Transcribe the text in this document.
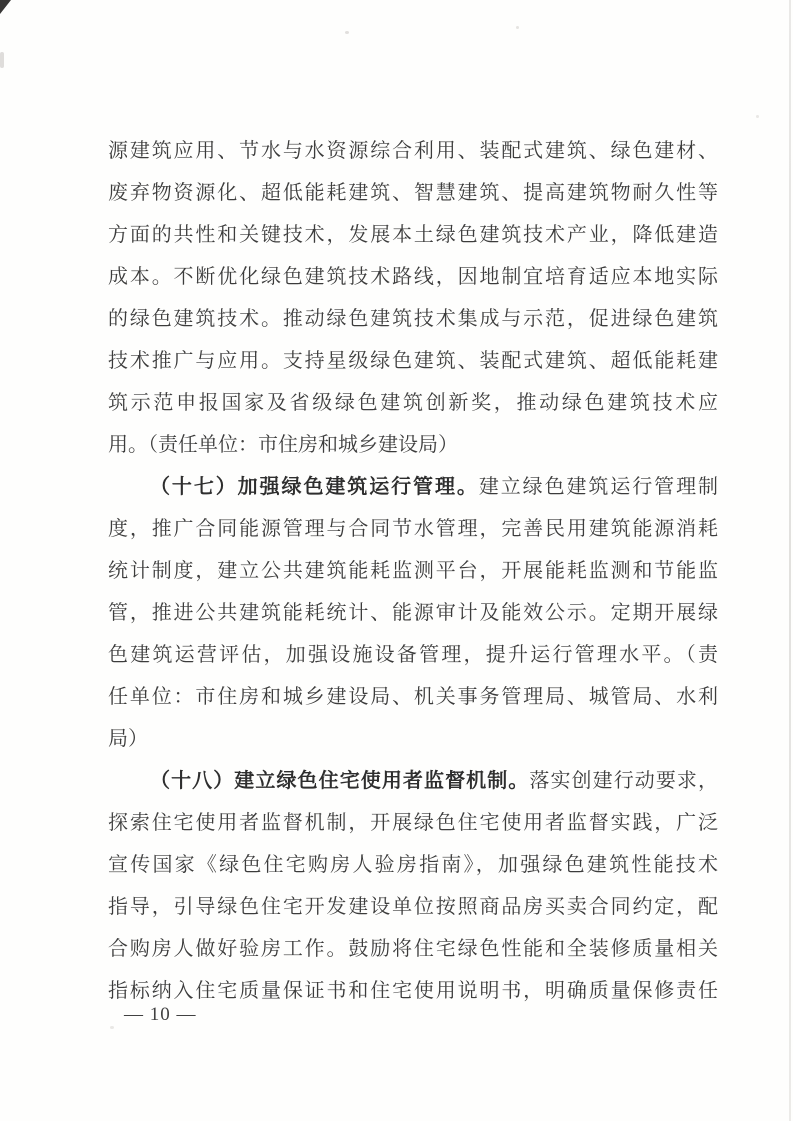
源建筑应用、节水与水资源综合利用、装配式建筑、绿色建材、
废弃物资源化、超低能耗建筑、智慧建筑、提高建筑物耐久性等
方面的共性和关键技术，发展本土绿色建筑技术产业，降低建造
成本。不断优化绿色建筑技术路线，因地制宜培育适应本地实际
的绿色建筑技术。推动绿色建筑技术集成与示范，促进绿色建筑
技术推广与应用。支持星级绿色建筑、装配式建筑、超低能耗建
筑示范申报国家及省级绿色建筑创新奖，推动绿色建筑技术应
用。（责任单位：市住房和城乡建设局）
（十七）加强绿色建筑运行管理。建立绿色建筑运行管理制
度，推广合同能源管理与合同节水管理，完善民用建筑能源消耗
统计制度，建立公共建筑能耗监测平台，开展能耗监测和节能监
管，推进公共建筑能耗统计、能源审计及能效公示。定期开展绿
色建筑运营评估，加强设施设备管理，提升运行管理水平。（责
任单位：市住房和城乡建设局、机关事务管理局、城管局、水利
局）
（十八）建立绿色住宅使用者监督机制。落实创建行动要求，
探索住宅使用者监督机制，开展绿色住宅使用者监督实践，广泛
宣传国家《绿色住宅购房人验房指南》，加强绿色建筑性能技术
指导，引导绿色住宅开发建设单位按照商品房买卖合同约定，配
合购房人做好验房工作。鼓励将住宅绿色性能和全装修质量相关
指标纳入住宅质量保证书和住宅使用说明书，明确质量保修责任
— 10 —
